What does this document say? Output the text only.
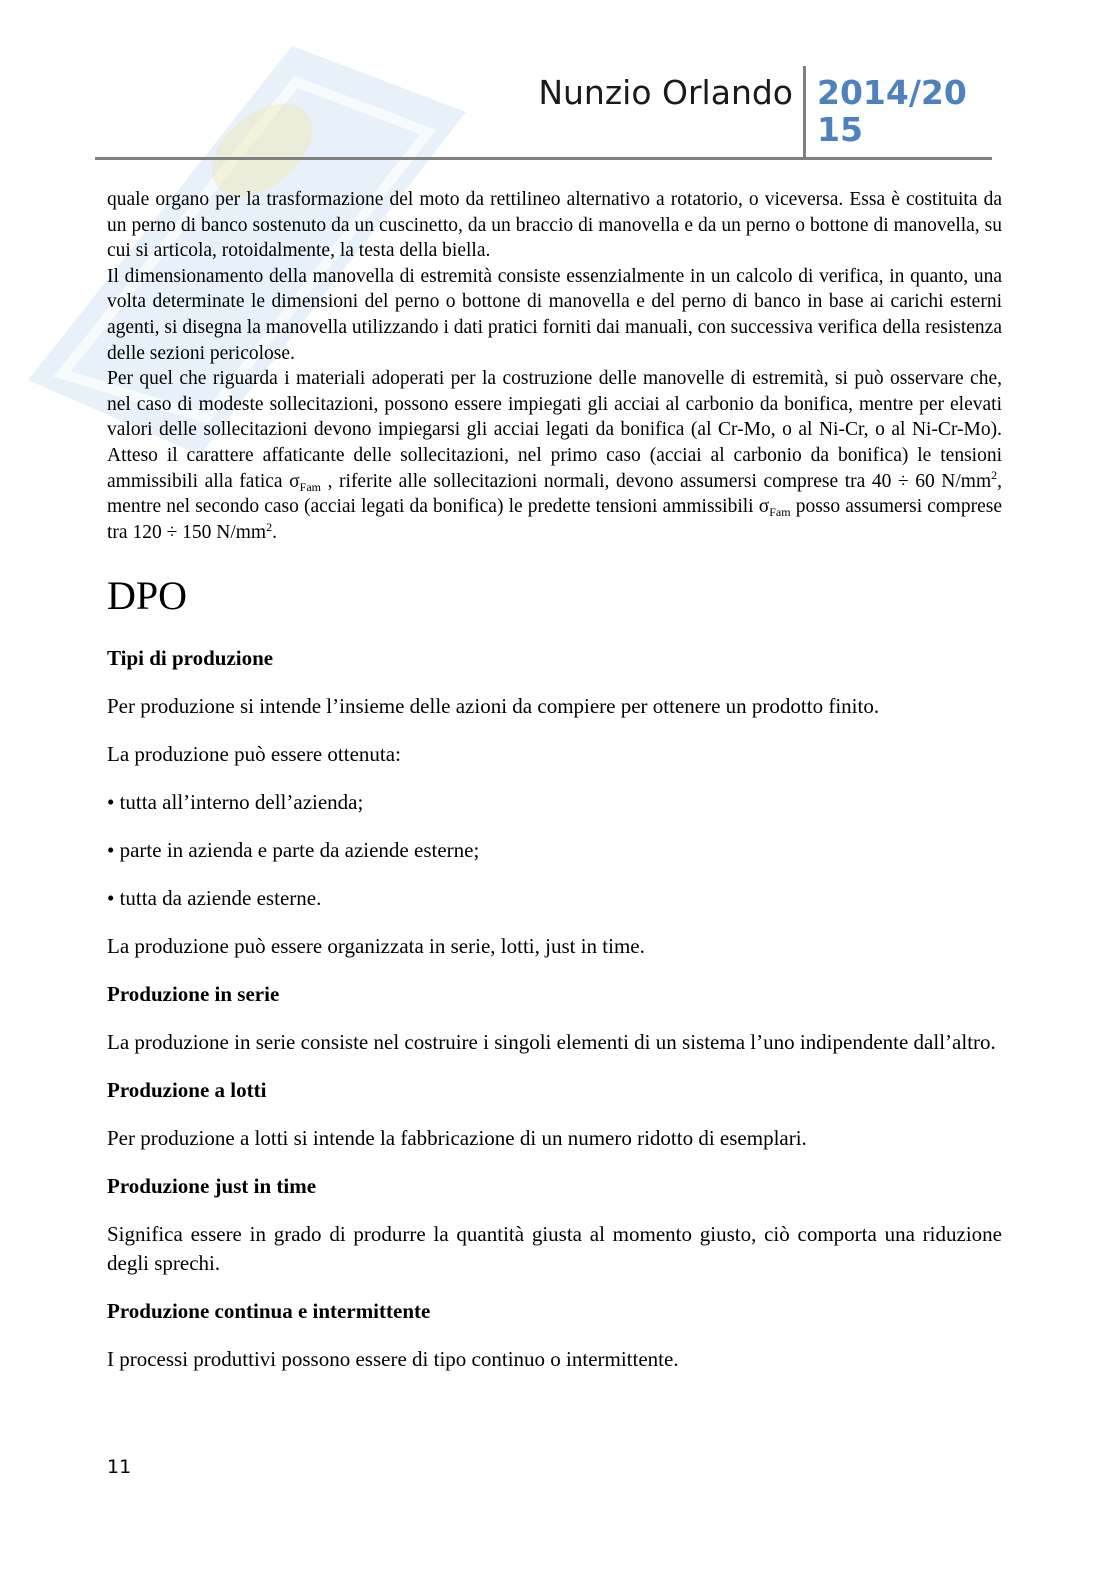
Nunzio Orlando 2014/20
15

quale organo per la trasformazione del moto da rettilineo alternativo a rotatorio, o viceversa. Essa è costituita da un perno di banco sostenuto da un cuscinetto, da un braccio di manovella e da un perno o bottone di manovella, su cui si articola, rotoidalmente, la testa della biella.

Il dimensionamento della manovella di estremità consiste essenzialmente in un calcolo di verifica, in quanto, una volta determinate le dimensioni del perno o bottone di manovella e del perno di banco in base ai carichi esterni agenti, si disegna la manovella utilizzando i dati pratici forniti dai manuali, con successiva verifica della resistenza delle sezioni pericolose.

Per quel che riguarda i materiali adoperati per la costruzione delle manovelle di estremità, si può osservare che, nel caso di modeste sollecitazioni, possono essere impiegati gli acciai al carbonio da bonifica, mentre per elevati valori delle sollecitazioni devono impiegarsi gli acciai legati da bonifica (al Cr-Mo, o al Ni-Cr, o al Ni-Cr-Mo). Atteso il carattere affaticante delle sollecitazioni, nel primo caso (acciai al carbonio da bonifica) le tensioni ammissibili alla fatica $\sigma_{Fam}$ , riferite alle sollecitazioni normali, devono assumersi comprese tra 40 ÷ 60 $N/mm^2$, mentre nel secondo caso (acciai legati da bonifica) le predette tensioni ammissibili $\sigma_{Fam}$ posso assumersi comprese tra 120 ÷ 150 $N/mm^2$.

DPO
Tipi di produzione

Per produzione si intende l’insieme delle azioni da compiere per ottenere un prodotto finito.

La produzione può essere ottenuta:

• tutta all’interno dell’azienda;

• parte in azienda e parte da aziende esterne;

• tutta da aziende esterne.

La produzione può essere organizzata in serie, lotti, just in time.

Produzione in serie

La produzione in serie consiste nel costruire i singoli elementi di un sistema l’uno indipendente dall’altro.

Produzione a lotti

Per produzione a lotti si intende la fabbricazione di un numero ridotto di esemplari.

Produzione just in time

Significa essere in grado di produrre la quantità giusta al momento giusto, ciò comporta una riduzione degli sprechi.

Produzione continua e intermittente

I processi produttivi possono essere di tipo continuo o intermittente.

11
